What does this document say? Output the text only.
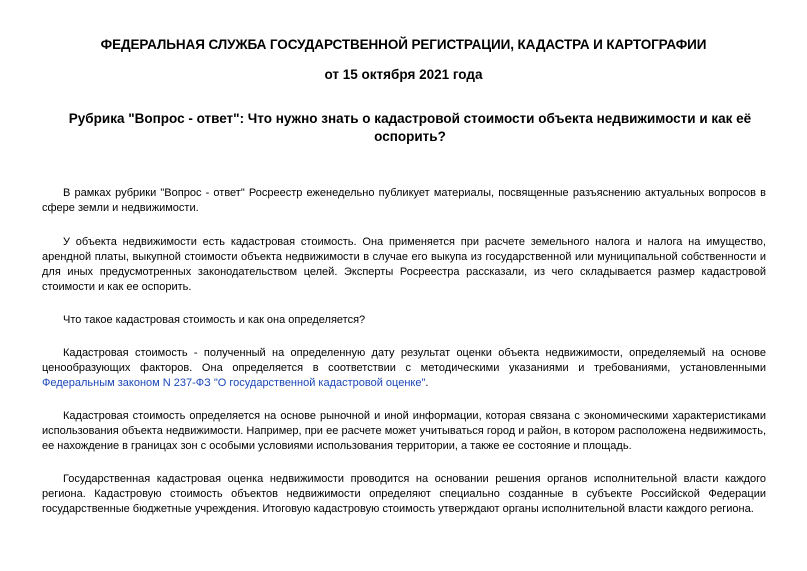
ФЕДЕРАЛЬНАЯ СЛУЖБА ГОСУДАРСТВЕННОЙ РЕГИСТРАЦИИ, КАДАСТРА И КАРТОГРАФИИ
от 15 октября 2021 года
Рубрика "Вопрос - ответ": Что нужно знать о кадастровой стоимости объекта недвижимости и как её оспорить?

В рамках рубрики "Вопрос - ответ" Росреестр еженедельно публикует материалы, посвященные разъяснению актуальных вопросов в сфере земли и недвижимости.

У объекта недвижимости есть кадастровая стоимость. Она применяется при расчете земельного налога и налога на имущество, арендной платы, выкупной стоимости объекта недвижимости в случае его выкупа из государственной или муниципальной собственности и для иных предусмотренных законодательством целей. Эксперты Росреестра рассказали, из чего складывается размер кадастровой стоимости и как ее оспорить.

Что такое кадастровая стоимость и как она определяется?

Кадастровая стоимость - полученный на определенную дату результат оценки объекта недвижимости, определяемый на основе ценообразующих факторов. Она определяется в соответствии с методическими указаниями и требованиями, установленными Федеральным законом N 237-ФЗ "О государственной кадастровой оценке".

Кадастровая стоимость определяется на основе рыночной и иной информации, которая связана с экономическими характеристиками использования объекта недвижимости. Например, при ее расчете может учитываться город и район, в котором расположена недвижимость, ее нахождение в границах зон с особыми условиями использования территории, а также ее состояние и площадь.

Государственная кадастровая оценка недвижимости проводится на основании решения органов исполнительной власти каждого региона. Кадастровую стоимость объектов недвижимости определяют специально созданные в субъекте Российской Федерации государственные бюджетные учреждения. Итоговую кадастровую стоимость утверждают органы исполнительной власти каждого региона.
